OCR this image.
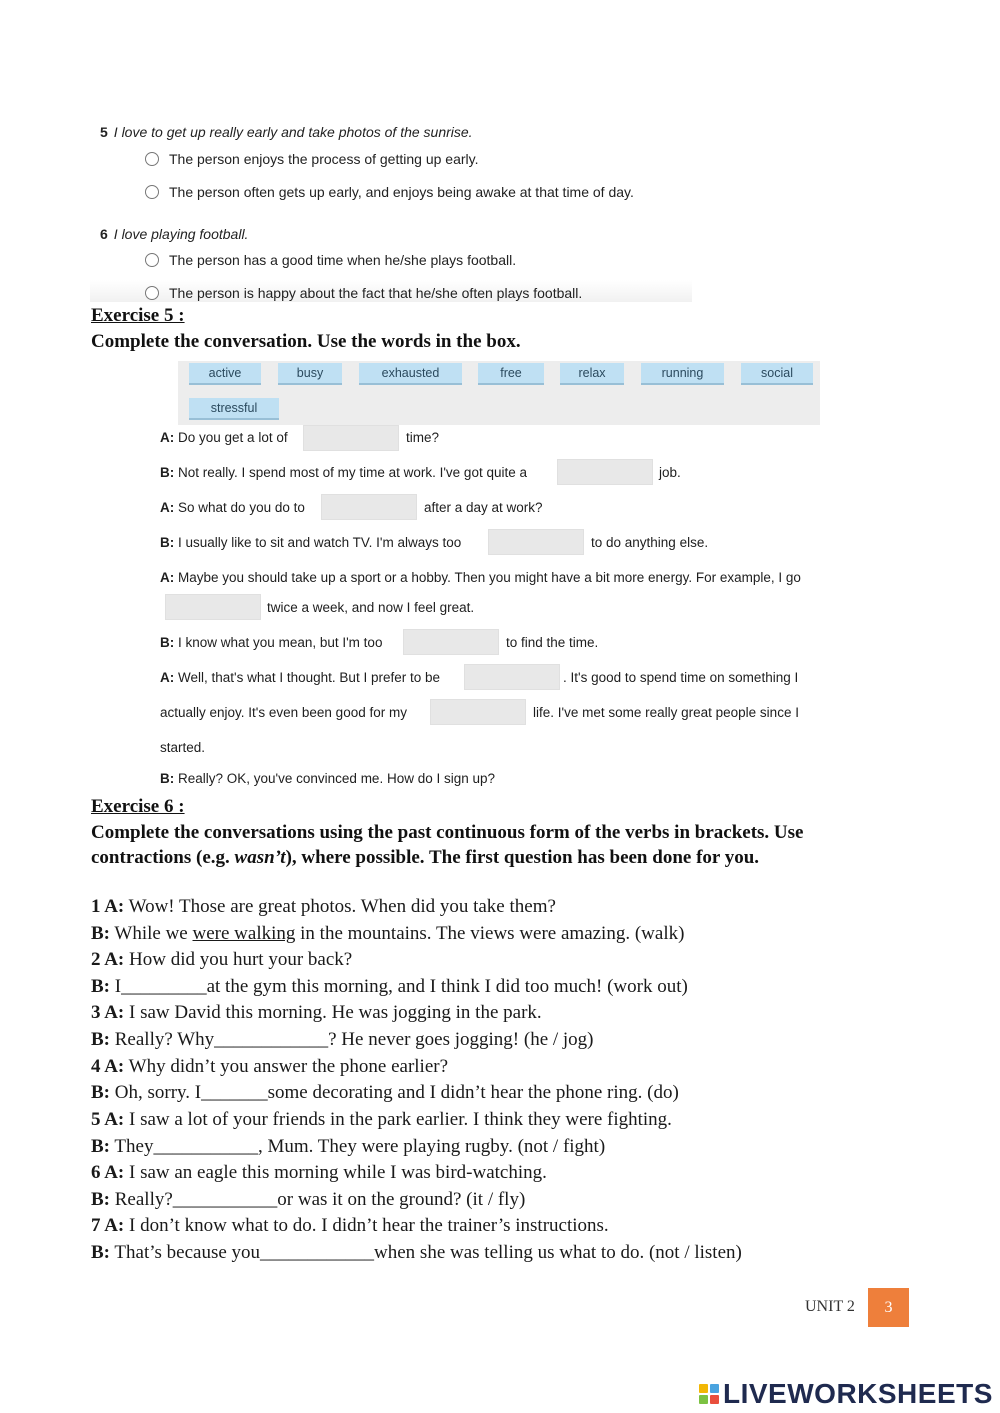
5 I love to get up really early and take photos of the sunrise.
The person enjoys the process of getting up early.
The person often gets up early, and enjoys being awake at that time of day.
6 I love playing football.
The person has a good time when he/she plays football.
The person is happy about the fact that he/she often plays football.
Exercise 5 :
Complete the conversation. Use the words in the box.
active	busy	exhausted	free	relax	running	social
stressful
A: Do you get a lot of	time?
B: Not really. I spend most of my time at work. I've got quite a	job.
A: So what do you do to	after a day at work?
B: I usually like to sit and watch TV. I'm always too	to do anything else.
A: Maybe you should take up a sport or a hobby. Then you might have a bit more energy. For example, I go
twice a week, and now I feel great.
B: I know what you mean, but I'm too	to find the time.
A: Well, that's what I thought. But I prefer to be	. It's good to spend time on something I
actually enjoy. It's even been good for my	life. I've met some really great people since I
started.
B: Really? OK, you've convinced me. How do I sign up?
Exercise 6 :
Complete the conversations using the past continuous form of the verbs in brackets. Use
contractions (e.g. wasn’t), where possible. The first question has been done for you.
1 A: Wow! Those are great photos. When did you take them?
B: While we were walking in the mountains. The views were amazing. (walk)
2 A: How did you hurt your back?
B: I_________at the gym this morning, and I think I did too much! (work out)
3 A: I saw David this morning. He was jogging in the park.
B: Really? Why____________? He never goes jogging! (he / jog)
4 A: Why didn’t you answer the phone earlier?
B: Oh, sorry. I_______some decorating and I didn’t hear the phone ring. (do)
5 A: I saw a lot of your friends in the park earlier. I think they were fighting.
B: They___________, Mum. They were playing rugby. (not / fight)
6 A: I saw an eagle this morning while I was bird-watching.
B: Really?___________or was it on the ground? (it / fly)
7 A: I don’t know what to do. I didn’t hear the trainer’s instructions.
B: That’s because you____________when she was telling us what to do. (not / listen)
UNIT 2	3
LIVEWORKSHEETS
